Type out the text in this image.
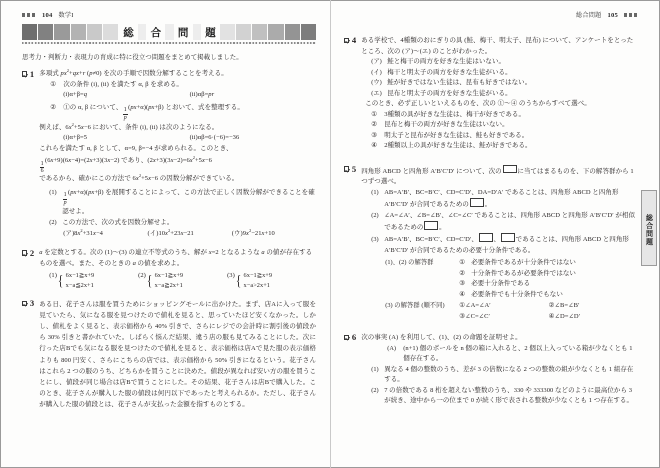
104 数学I
総	合	問	題
思考力・判断力・表現力の育成に特に役立つ問題をまとめて掲載しました。
1 多項式 $px^2+qx+r$ (p≠0) を次の手順で因数分解することを考える。

①	次の条件 (i), (ii) を満たす α, β を求める。
(i) α+β=q	(ii) αβ=pr
②	①の α, β について、 $\frac{1}{p} (px+\alpha)(px+\beta)$ とおいて、式を整理する。

例えば、$6x^2+5x-6$ において、条件 (i), (ii) は次のようになる。

(i) α+β=5	(ii) αβ=6·(−6)=−36

これらを満たす α, β として、α=9, β=−4 が求められる。このとき、

$\frac{1}{6} (6x+9)(6x-4)=(2x+3)(3x-2)$ であり、$(2x+3)(3x-2)=6x^2+5x-6$

であるから、確かにこの方法で $6x^2+5x-6$ の因数分解ができている。

(1)	$\frac{1}{p} (px+\alpha)(px+\beta)$ を展開することによって、この方法で正しく因数分解ができることを確認せよ。
(2) この方法で、次の式を因数分解せよ。
(ア) $8x^2+31x-4$	(イ) $10x^2+23x-21$	(ウ) $9x^2-21x+10$
2 a を定数とする。次の (1)〜(3) の連立不等式のうち、解が x=2 となるような a の値が存在するものを選べ。また、そのときの a の値を求めよ。

(1) { 6x−1≧x+9
x−a≦2x+1
(2) { 6x−1≧x+9
x−a≧2x+1
(3) { 6x−1≧x+9
x−a>2x+1
3 ある日、花子さんは服を買うためにショッピングモールに出かけた。まず、店Aに入って服を見ていたら、気になる服を見つけたので値札を見ると、思っていたほど安くなかった。しかし、値札をよく見ると、表示価格から 40% 引きで、さらにレジでの会計時に割引後の値段から 30% 引きと書かれていた。しばらく悩んだ結果、違う店の服も見てみることにした。次に行った店Bでも気になる服を見つけたので値札を見ると、表示価格は店Aで見た服の表示価格よりも 800 円安く、さらにこちらの店では、表示価格から 50% 引きになるという。花子さんはこれら 2 つの服のうち、どちらかを買うことに決めた。値段が異なれば安い方の服を買うことにし、値段が同じ場合は店Bで買うことにした。その結果、花子さんは店Bで購入した。このとき、花子さんが購入した服の値段は何円以下であったと考えられるか。ただし、花子さんが購入した服の値段とは、花子さんが支払った金額を指すものとする。

総合問題 105
4 ある学校で、4種類のおにぎりの具 (鮭、梅干、明太子、昆布) について、アンケートをとったところ、次の (ア)〜(エ) のことがわかった。

(ア) 鮭と梅干の両方を好きな生徒はいない。
(イ) 梅干と明太子の両方を好きな生徒がいる。
(ウ) 鮭が好きではない生徒は、昆布も好きではない。
(エ) 昆布と明太子の両方を好きな生徒がいる。

このとき、必ず正しいといえるものを、次の ①〜④ のうちからすべて選べ。

①	3種類の具が好きな生徒は、梅干が好きである。
②	昆布と梅干の両方が好きな生徒はいない。
③	明太子と昆布が好きな生徒は、鮭も好きである。
④	2種類以上の具が好きな生徒は、鮭が好きである。
5 四角形 ABCD と四角形 A′B′C′D′ について、次の に当てはまるものを、下の解答群から 1 つずつ選べ。

(1) AB=A′B′、BC=B′C′、CD=C′D′、DA=D′A′ であることは、四角形 ABCD と四角形 A′B′C′D′ が合同であるための 。
(2) ∠A=∠A′、∠B=∠B′、∠C=∠C′ であることは、四角形 ABCD と四角形 A′B′C′D′ が相似であるための 。
(3) AB=A′B′、BC=B′C′、CD=C′D′、 、 であることは、四角形 ABCD と四角形 A′B′C′D′ が合同であるための必要十分条件である。
(1)、(2) の解答群	① 必要条件であるが十分条件ではない
② 十分条件であるが必要条件ではない
③ 必要十分条件である
④ 必要条件でも十分条件でもない
(3) の解答群 (順不同)	① ∠A=∠A′	② ∠B=∠B′
③ ∠C=∠C′	④ ∠D=∠D′
6 次の事実 (A) を利用して、(1)、(2) の命題を証明せよ。

(A)	(n+1) 個のボールを n 個の箱に入れると、2 個以上入っている箱が少なくとも 1 個存在する。
(1) 異なる 4 個の整数のうち、差が 3 の倍数になる 2 つの整数の組が少なくとも 1 組存在する。
(2) 7 の倍数である 8 桁を超えない整数のうち、330 や 333300 などのように最高位から 3 が続き、途中から一の位まで 0 が続く形で表される整数が少なくとも 1 つ存在する。
総合問題
